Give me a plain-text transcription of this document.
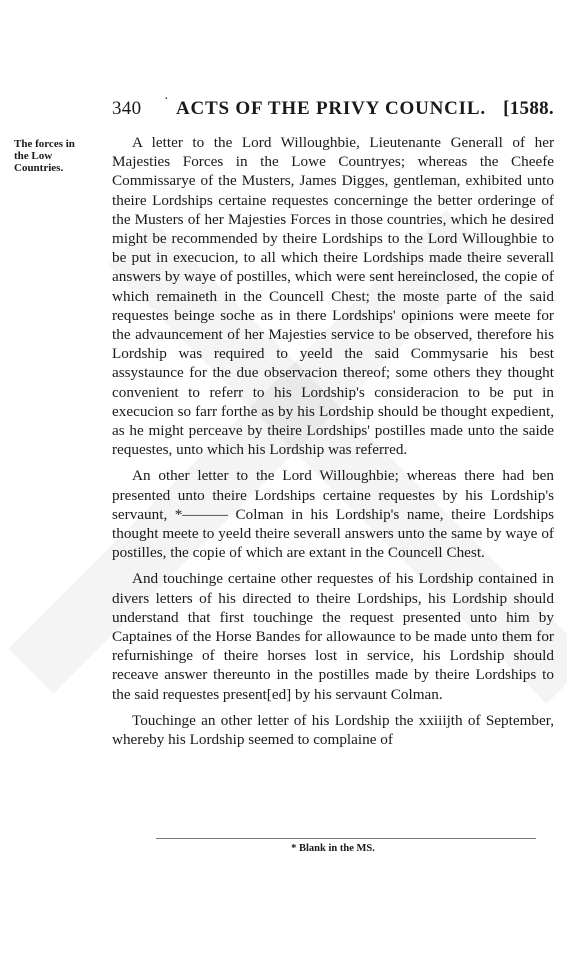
340 · ACTS OF THE PRIVY COUNCIL. [1588.
The forces in
the Low
Countries.

A letter to the Lord Willoughbie, Lieutenante Generall of her Majesties Forces in the Lowe Countryes; whereas the Cheefe Commissarye of the Musters, James Digges, gentleman, exhibited unto theire Lordships certaine requestes concerninge the better orderinge of the Musters of her Majesties Forces in those countries, which he desired might be recommended by theire Lordships to the Lord Willoughbie to be put in execucion, to all which theire Lordships made theire severall answers by waye of postilles, which were sent hereinclosed, the copie of which remaineth in the Councell Chest; the moste parte of the said requestes beinge soche as in there Lordships' opinions were meete for the advauncement of her Majesties service to be observed, therefore his Lordship was required to yeeld the said Commysarie his best assystaunce for the due observacion thereof; some others they thought convenient to referr to his Lordship's consideracion to be put in execucion so farr forthe as by his Lordship should be thought expedient, as he might perceave by theire Lordships' postilles made unto the saide requestes, unto which his Lordship was referred.

An other letter to the Lord Willoughbie; whereas there had ben presented unto theire Lordships certaine requestes by his Lordship's servaunt, *——— Colman in his Lordship's name, theire Lordships thought meete to yeeld theire severall answers unto the same by waye of postilles, the copie of which are extant in the Councell Chest.

And touchinge certaine other requestes of his Lordship contained in divers letters of his directed to theire Lordships, his Lordship should understand that first touchinge the request presented unto him by Captaines of the Horse Bandes for allowaunce to be made unto them for refurnishinge of theire horses lost in service, his Lordship should receave answer thereunto in the postilles made by theire Lordships to the said requestes present[ed] by his servaunt Colman.

Touchinge an other letter of his Lordship the xxiiijth of September, whereby his Lordship seemed to complaine of

* Blank in the MS.
